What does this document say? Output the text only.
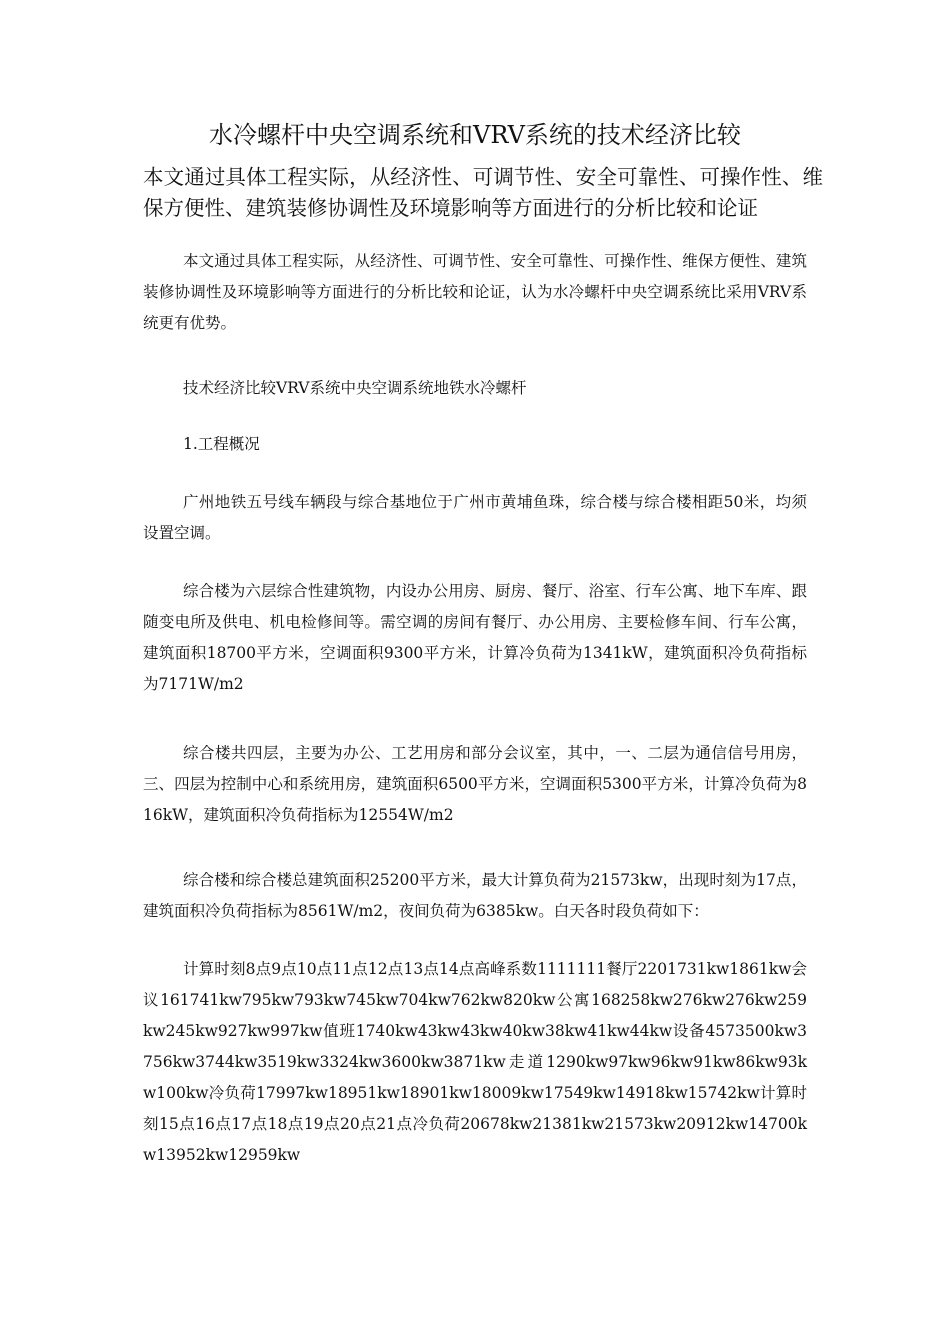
水冷螺杆中央空调系统和VRV系统的技术经济比较
本文通过具体工程实际，从经济性、可调节性、安全可靠性、可操作性、维保方便性、建筑装修协调性及环境影响等方面进行的分析比较和论证

本文通过具体工程实际，从经济性、可调节性、安全可靠性、可操作性、维保方便性、建筑装修协调性及环境影响等方面进行的分析比较和论证，认为水冷螺杆中央空调系统比采用VRV系统更有优势。

技术经济比较VRV系统中央空调系统地铁水冷螺杆

1.工程概况

广州地铁五号线车辆段与综合基地位于广州市黄埔鱼珠，综合楼与综合楼相距50米，均须设置空调。

综合楼为六层综合性建筑物，内设办公用房、厨房、餐厅、浴室、行车公寓、地下车库、跟随变电所及供电、机电检修间等。需空调的房间有餐厅、办公用房、主要检修车间、行车公寓，建筑面积18700平方米，空调面积9300平方米，计算冷负荷为1341kW，建筑面积冷负荷指标为7171W/m2

综合楼共四层，主要为办公、工艺用房和部分会议室，其中，一、二层为通信信号用房，三、四层为控制中心和系统用房，建筑面积6500平方米，空调面积5300平方米，计算冷负荷为816kW，建筑面积冷负荷指标为12554W/m2

综合楼和综合楼总建筑面积25200平方米，最大计算负荷为21573kw，出现时刻为17点，建筑面积冷负荷指标为8561W/m2，夜间负荷为6385kw。白天各时段负荷如下：

计算时刻8点9点10点11点12点13点14点高峰系数1111111餐厅2201731kw1861kw会议161741kw795kw793kw745kw704kw762kw820kw公寓168258kw276kw276kw259kw245kw927kw997kw值班1740kw43kw43kw40kw38kw41kw44kw设备4573500kw3756kw3744kw3519kw3324kw3600kw3871kw走道1290kw97kw96kw91kw86kw93kw100kw冷负荷17997kw18951kw18901kw18009kw17549kw14918kw15742kw计算时刻15点16点17点18点19点20点21点冷负荷20678kw21381kw21573kw20912kw14700kw13952kw12959kw
